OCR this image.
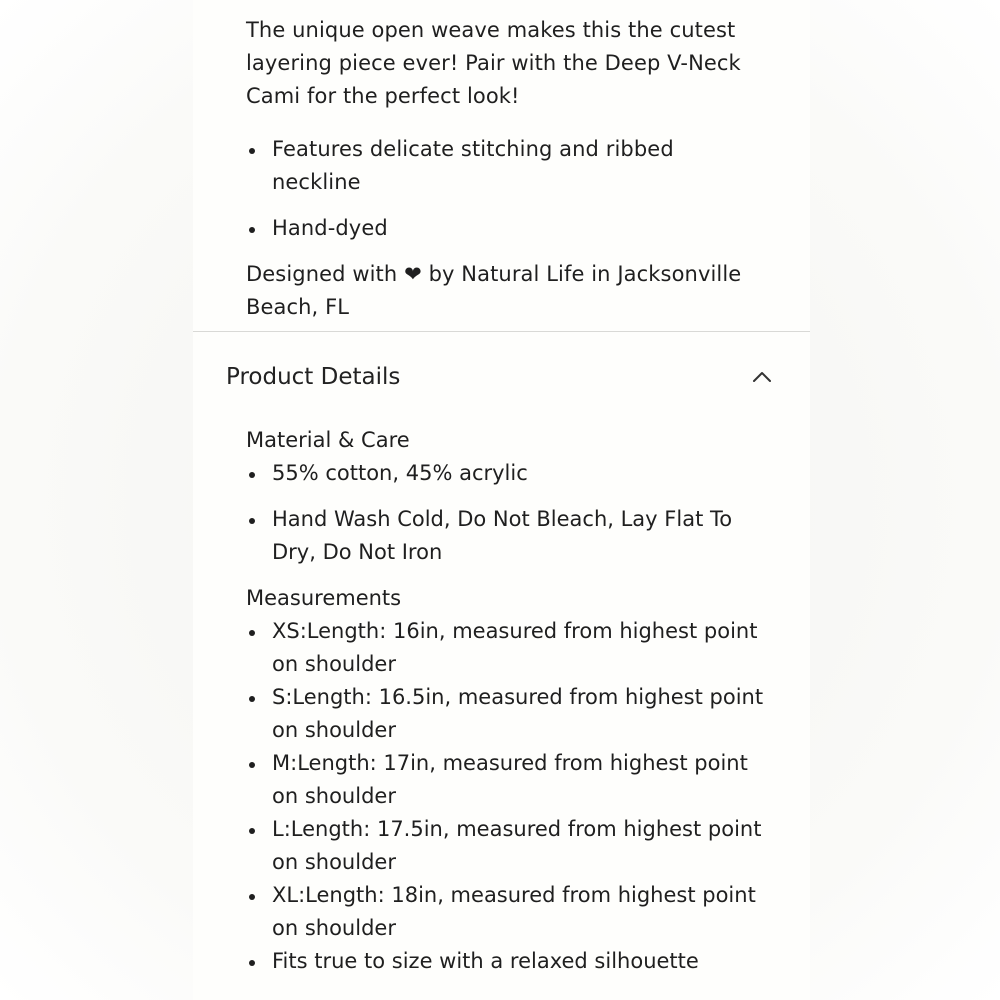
The unique open weave makes this the cutest layering piece ever! Pair with the Deep V-Neck Cami for the perfect look!

Features delicate stitching and ribbed neckline
Hand-dyed

Designed with ❤ by Natural Life in Jacksonville Beach, FL

Product Details
Material & Care
55% cotton, 45% acrylic
Hand Wash Cold, Do Not Bleach, Lay Flat To Dry, Do Not Iron
Measurements
XS:Length: 16in, measured from highest point on shoulder
S:Length: 16.5in, measured from highest point on shoulder
M:Length: 17in, measured from highest point on shoulder
L:Length: 17.5in, measured from highest point on shoulder
XL:Length: 18in, measured from highest point on shoulder
Fits true to size with a relaxed silhouette
